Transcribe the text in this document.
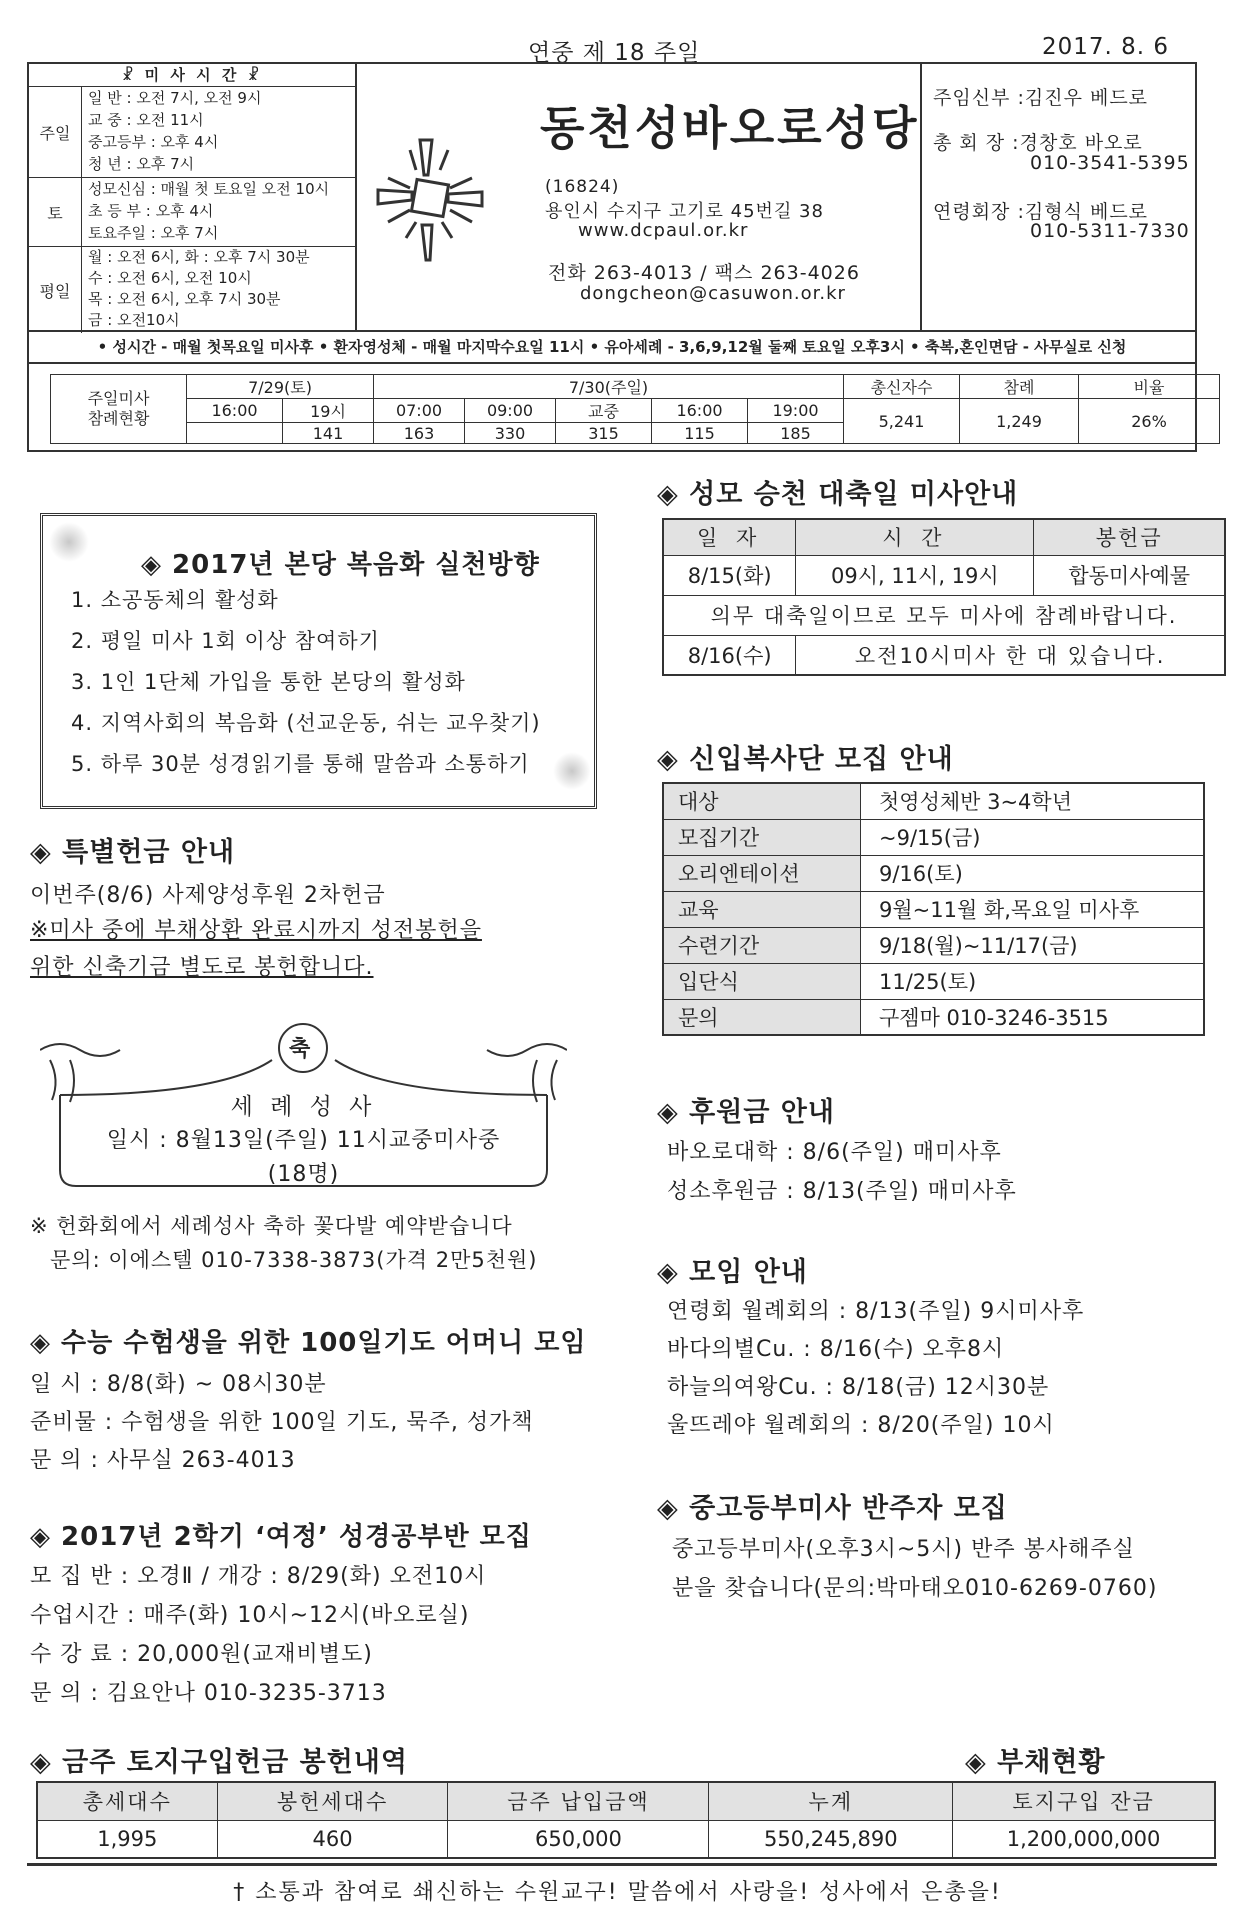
연중 제 18 주일	2017. 8. 6
☧ 미 사 시 간 ☧
주일
일 반 : 오전 7시, 오전 9시
교 중 : 오전 11시
중고등부 : 오후 4시
청 년 : 오후 7시
토
성모신심 : 매월 첫 토요일 오전 10시
초 등 부 : 오후 4시
토요주일 : 오후 7시
평일
월 : 오전 6시, 화 : 오후 7시 30분
수 : 오전 6시, 오전 10시
목 : 오전 6시, 오후 7시 30분
금 : 오전10시
동천성바오로성당
(16824)
용인시 수지구 고기로 45번길 38
www.dcpaul.or.kr
전화 263-4013 / 팩스 263-4026
dongcheon@casuwon.or.kr
주임신부 :김진우 베드로
총 회 장 :경창호 바오로
010-3541-5395
연령회장 :김형식 베드로
010-5311-7330
• 성시간 - 매월 첫목요일 미사후 • 환자영성체 - 매월 마지막수요일 11시 • 유아세례 - 3,6,9,12월 둘째 토요일 오후3시 • 축복,혼인면담 - 사무실로 신청
주일미사
참례현황	7/29(토)		7/30(주일)					총신자수	참례	비율
	16:00	19시	07:00	09:00	교중	16:00	19:00	5,241	1,249	26%
		141	163	330	315	115	185			
◈ 2017년 본당 복음화 실천방향
1. 소공동체의 활성화
2. 평일 미사 1회 이상 참여하기
3. 1인 1단체 가입을 통한 본당의 활성화
4. 지역사회의 복음화 (선교운동, 쉬는 교우찾기)
5. 하루 30분 성경읽기를 통해 말씀과 소통하기
◈ 특별헌금 안내
이번주(8/6) 사제양성후원 2차헌금
※미사 중에 부채상환 완료시까지 성전봉헌을
위한 신축기금 별도로 봉헌합니다.
축
세 례 성 사
일시 : 8월13일(주일) 11시교중미사중
(18명)
※ 헌화회에서 세례성사 축하 꽃다발 예약받습니다
문의: 이에스텔 010-7338-3873(가격 2만5천원)
◈ 수능 수험생을 위한 100일기도 어머니 모임
일 시 : 8/8(화) ~ 08시30분
준비물 : 수험생을 위한 100일 기도, 묵주, 성가책
문 의 : 사무실 263-4013
◈ 2017년 2학기 ‘여정’ 성경공부반 모집
모 집 반 : 오경Ⅱ / 개강 : 8/29(화) 오전10시
수업시간 : 매주(화) 10시~12시(바오로실)
수 강 료 : 20,000원(교재비별도)
문 의 : 김요안나 010-3235-3713
◈ 성모 승천 대축일 미사안내
일 자	시 간	봉헌금
8/15(화)	09시, 11시, 19시	합동미사예물
의무 대축일이므로 모두 미사에 참례바랍니다.		
8/16(수)	오전10시미사 한 대 있습니다.	
◈ 신입복사단 모집 안내
대상	첫영성체반 3~4학년
모집기간	~9/15(금)
오리엔테이션	9/16(토)
교육	9월~11월 화,목요일 미사후
수련기간	9/18(월)~11/17(금)
입단식	11/25(토)
문의	구젬마 010-3246-3515
◈ 후원금 안내
바오로대학 : 8/6(주일) 매미사후
성소후원금 : 8/13(주일) 매미사후
◈ 모임 안내
연령회 월례회의 : 8/13(주일) 9시미사후
바다의별Cu. : 8/16(수) 오후8시
하늘의여왕Cu. : 8/18(금) 12시30분
울뜨레야 월례회의 : 8/20(주일) 10시
◈ 중고등부미사 반주자 모집
중고등부미사(오후3시~5시) 반주 봉사해주실
분을 찾습니다(문의:박마태오010-6269-0760)
◈ 금주 토지구입헌금 봉헌내역	◈ 부채현황
총세대수	봉헌세대수	금주 납입금액	누계	토지구입 잔금
1,995	460	650,000	550,245,890	1,200,000,000
† 소통과 참여로 쇄신하는 수원교구! 말씀에서 사랑을! 성사에서 은총을!
